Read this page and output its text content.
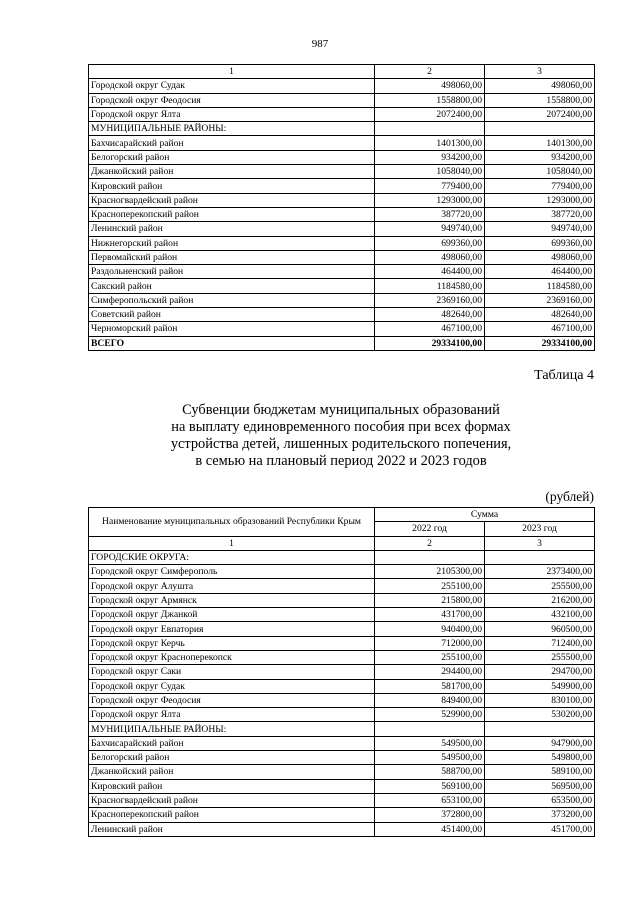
987
1	2	3
Городской округ Судак	498060,00	498060,00
Городской округ Феодосия	1558800,00	1558800,00
Городской округ Ялта	2072400,00	2072400,00
МУНИЦИПАЛЬНЫЕ РАЙОНЫ:		
Бахчисарайский район	1401300,00	1401300,00
Белогорский район	934200,00	934200,00
Джанкойский район	1058040,00	1058040,00
Кировский район	779400,00	779400,00
Красногвардейский район	1293000,00	1293000,00
Красноперекопский район	387720,00	387720,00
Ленинский район	949740,00	949740,00
Нижнегорский район	699360,00	699360,00
Первомайский район	498060,00	498060,00
Раздольненский район	464400,00	464400,00
Сакский район	1184580,00	1184580,00
Симферопольский район	2369160,00	2369160,00
Советский район	482640,00	482640,00
Черноморский район	467100,00	467100,00
ВСЕГО	29334100,00	29334100,00
Таблица 4
Субвенции бюджетам муниципальных образований
на выплату единовременного пособия при всех формах
устройства детей, лишенных родительского попечения,
в семью на плановый период 2022 и 2023 годов
(рублей)
Наименование муниципальных образований Республики Крым	Сумма	
	2022 год	2023 год
1	2	3
ГОРОДСКИЕ ОКРУГА:		
Городской округ Симферополь	2105300,00	2373400,00
Городской округ Алушта	255100,00	255500,00
Городской округ Армянск	215800,00	216200,00
Городской округ Джанкой	431700,00	432100,00
Городской округ Евпатория	940400,00	960500,00
Городской округ Керчь	712000,00	712400,00
Городской округ Красноперекопск	255100,00	255500,00
Городской округ Саки	294400,00	294700,00
Городской округ Судак	581700,00	549900,00
Городской округ Феодосия	849400,00	830100,00
Городской округ Ялта	529900,00	530200,00
МУНИЦИПАЛЬНЫЕ РАЙОНЫ:		
Бахчисарайский район	549500,00	947900,00
Белогорский район	549500,00	549800,00
Джанкойский район	588700,00	589100,00
Кировский район	569100,00	569500,00
Красногвардейский район	653100,00	653500,00
Красноперекопский район	372800,00	373200,00
Ленинский район	451400,00	451700,00
